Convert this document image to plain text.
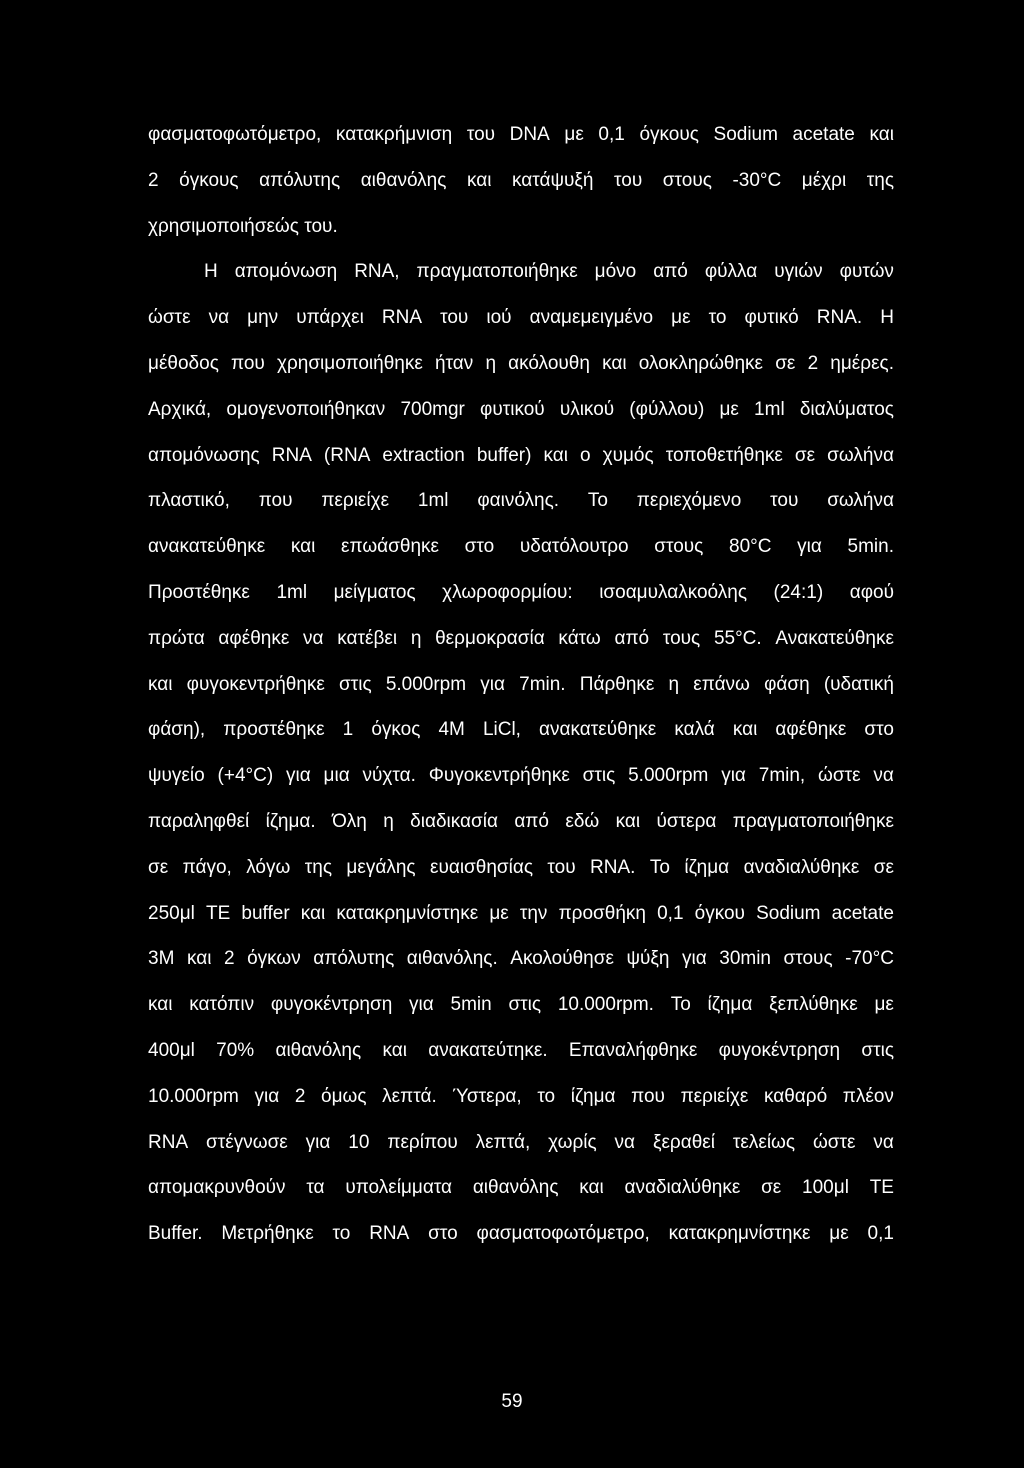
φασματοφωτόμετρο, κατακρήμνιση του DNA με 0,1 όγκους Sodium acetate και
2 όγκους απόλυτης αιθανόλης και κατάψυξή του στους -30°C μέχρι της
χρησιμοποιήσεώς του.
Η απομόνωση RNA, πραγματοποιήθηκε μόνο από φύλλα υγιών φυτών
ώστε να μην υπάρχει RNA του ιού αναμεμειγμένο με το φυτικό RNA. Η
μέθοδος που χρησιμοποιήθηκε ήταν η ακόλουθη και ολοκληρώθηκε σε 2 ημέρες.
Αρχικά, ομογενοποιήθηκαν 700mgr φυτικού υλικού (φύλλου) με 1ml διαλύματος
απομόνωσης RNA (RNA extraction buffer) και ο χυμός τοποθετήθηκε σε σωλήνα
πλαστικό, που περιείχε 1ml φαινόλης. Το περιεχόμενο του σωλήνα
ανακατεύθηκε και επωάσθηκε στο υδατόλουτρο στους 80°C για 5min.
Προστέθηκε 1ml μείγματος χλωροφορμίου: ισοαμυλαλκοόλης (24:1) αφού
πρώτα αφέθηκε να κατέβει η θερμοκρασία κάτω από τους 55°C. Ανακατεύθηκε
και φυγοκεντρήθηκε στις 5.000rpm για 7min. Πάρθηκε η επάνω φάση (υδατική
φάση), προστέθηκε 1 όγκος 4M LiCl, ανακατεύθηκε καλά και αφέθηκε στο
ψυγείο (+4°C) για μια νύχτα. Φυγοκεντρήθηκε στις 5.000rpm για 7min, ώστε να
παραληφθεί ίζημα. Όλη η διαδικασία από εδώ και ύστερα πραγματοποιήθηκε
σε πάγο, λόγω της μεγάλης ευαισθησίας του RNA. Το ίζημα αναδιαλύθηκε σε
250μl TE buffer και κατακρημνίστηκε με την προσθήκη 0,1 όγκου Sodium acetate
3M και 2 όγκων απόλυτης αιθανόλης. Ακολούθησε ψύξη για 30min στους -70°C
και κατόπιν φυγοκέντρηση για 5min στις 10.000rpm. Το ίζημα ξεπλύθηκε με
400μl 70% αιθανόλης και ανακατεύτηκε. Επαναλήφθηκε φυγοκέντρηση στις
10.000rpm για 2 όμως λεπτά. Ύστερα, το ίζημα που περιείχε καθαρό πλέον
RNA στέγνωσε για 10 περίπου λεπτά, χωρίς να ξεραθεί τελείως ώστε να
απομακρυνθούν τα υπολείμματα αιθανόλης και αναδιαλύθηκε σε 100μl TE
Buffer. Μετρήθηκε το RNA στο φασματοφωτόμετρο, κατακρημνίστηκε με 0,1
59
